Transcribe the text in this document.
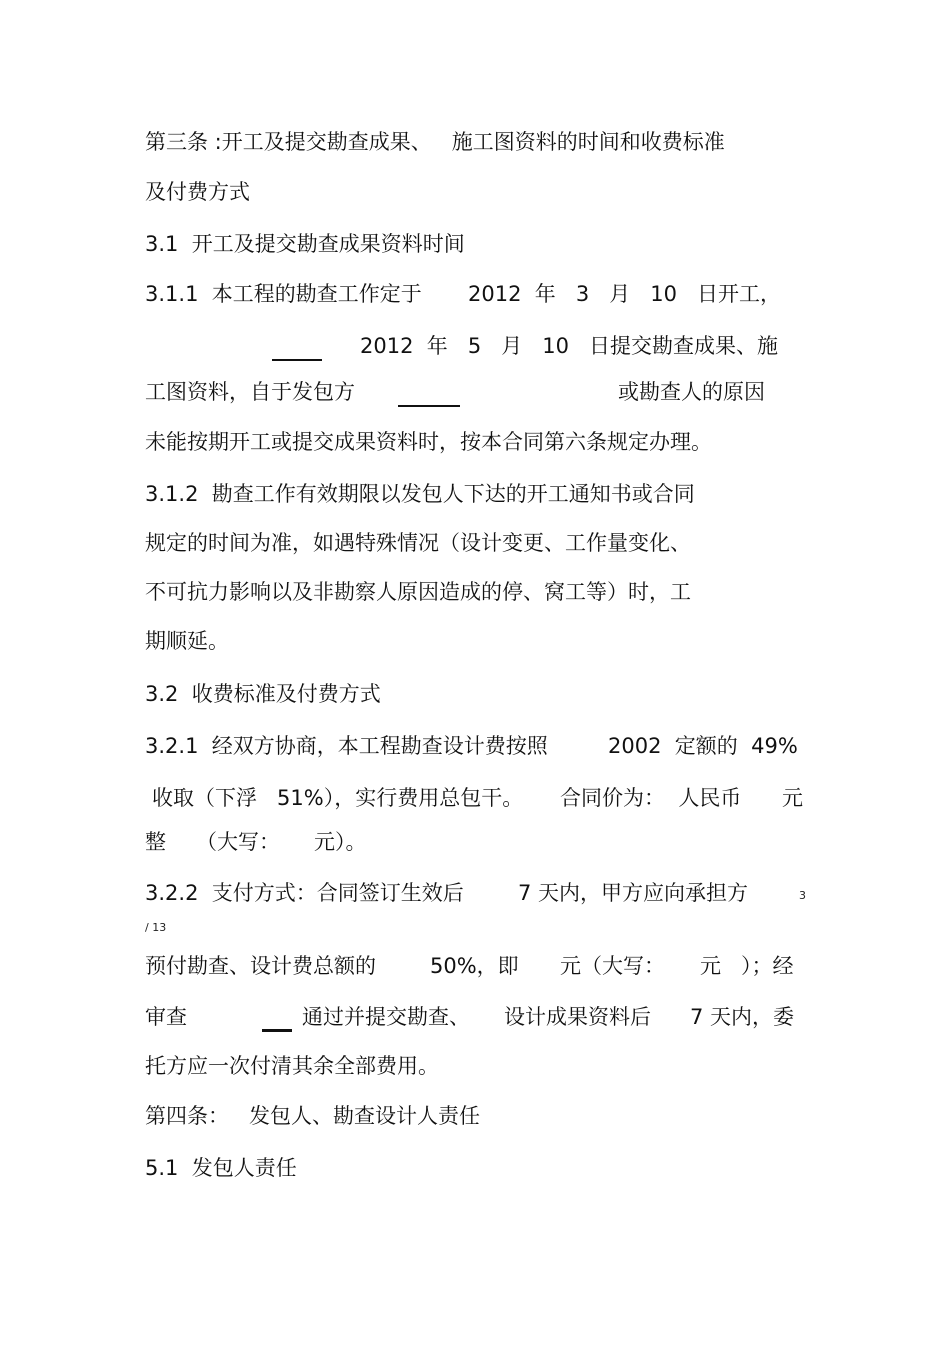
第三条 :开工及提交勘查成果、   施工图资料的时间和收费标准
及付费方式
3.1  开工及提交勘查成果资料时间
3.1.1  本工程的勘查工作定于 2012  年   3   月   10   日开工，
2012  年   5   月   10   日提交勘查成果、施
工图资料，自于发包方	或勘查人的原因
未能按期开工或提交成果资料时，按本合同第六条规定办理。
3.1.2  勘查工作有效期限以发包人下达的开工通知书或合同
规定的时间为准，如遇特殊情况（设计变更、工作量变化、
不可抗力影响以及非勘察人原因造成的停、窝工等）时，工
期顺延。
3.2  收费标准及付费方式
3.2.1  经双方协商，本工程勘查设计费按照	2002  定额的  49%
收取（下浮   51%），实行费用总包干。 合同价为：  人民币 元
整 （大写： 元）。
3.2.2  支付方式：合同签订生效后	7 天内，甲方应向承担方	3
/ 13
预付勘查、设计费总额的	50%，即 元（大写： 元   ）；经
审查	通过并提交勘查、 设计成果资料后 7 天内，委
托方应一次付清其余全部费用。
第四条：   发包人、勘查设计人责任
5.1  发包人责任
